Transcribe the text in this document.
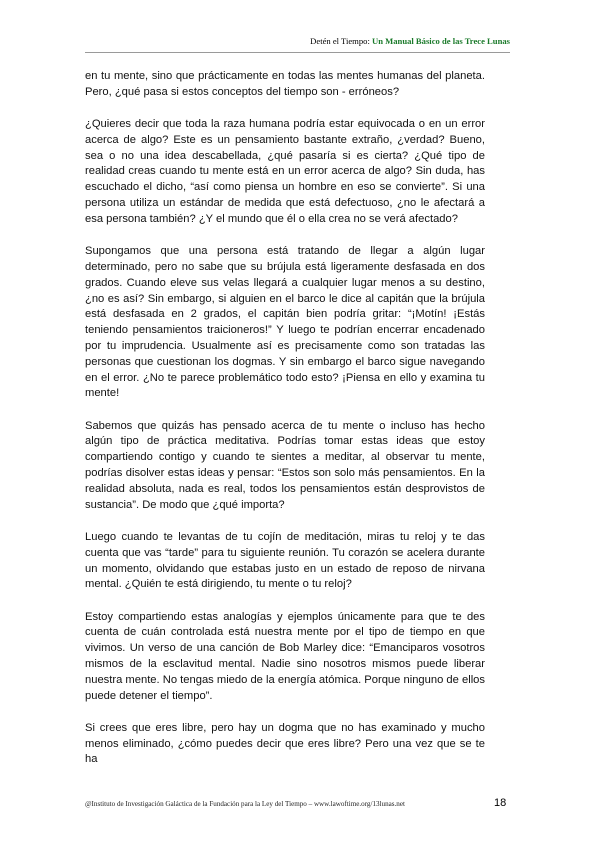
Detén el Tiempo: Un Manual Básico de las Trece Lunas

en tu mente, sino que prácticamente en todas las mentes humanas del planeta. Pero, ¿qué pasa si estos conceptos del tiempo son - erróneos?

¿Quieres decir que toda la raza humana podría estar equivocada o en un error acerca de algo? Este es un pensamiento bastante extraño, ¿verdad? Bueno, sea o no una idea descabellada, ¿qué pasaría si es cierta? ¿Qué tipo de realidad creas cuando tu mente está en un error acerca de algo? Sin duda, has escuchado el dicho, “así como piensa un hombre en eso se convierte”. Si una persona utiliza un estándar de medida que está defectuoso, ¿no le afectará a esa persona también? ¿Y el mundo que él o ella crea no se verá afectado?

Supongamos que una persona está tratando de llegar a algún lugar determinado, pero no sabe que su brújula está ligeramente desfasada en dos grados. Cuando eleve sus velas llegará a cualquier lugar menos a su destino, ¿no es así? Sin embargo, si alguien en el barco le dice al capitán que la brújula está desfasada en 2 grados, el capitán bien podría gritar: “¡Motín! ¡Estás teniendo pensamientos traicioneros!” Y luego te podrían encerrar encadenado por tu imprudencia. Usualmente así es precisamente como son tratadas las personas que cuestionan los dogmas. Y sin embargo el barco sigue navegando en el error. ¿No te parece problemático todo esto? ¡Piensa en ello y examina tu mente!

Sabemos que quizás has pensado acerca de tu mente o incluso has hecho algún tipo de práctica meditativa. Podrías tomar estas ideas que estoy compartiendo contigo y cuando te sientes a meditar, al observar tu mente, podrías disolver estas ideas y pensar: “Estos son solo más pensamientos. En la realidad absoluta, nada es real, todos los pensamientos están desprovistos de sustancia”. De modo que ¿qué importa?

Luego cuando te levantas de tu cojín de meditación, miras tu reloj y te das cuenta que vas “tarde” para tu siguiente reunión. Tu corazón se acelera durante un momento, olvidando que estabas justo en un estado de reposo de nirvana mental. ¿Quién te está dirigiendo, tu mente o tu reloj?

Estoy compartiendo estas analogías y ejemplos únicamente para que te des cuenta de cuán controlada está nuestra mente por el tipo de tiempo en que vivimos. Un verso de una canción de Bob Marley dice: “Emanciparos vosotros mismos de la esclavitud mental. Nadie sino nosotros mismos puede liberar nuestra mente. No tengas miedo de la energía atómica. Porque ninguno de ellos puede detener el tiempo”.

Si crees que eres libre, pero hay un dogma que no has examinado y mucho menos eliminado, ¿cómo puedes decir que eres libre? Pero una vez que se te ha

@Instituto de Investigación Galáctica de la Fundación para la Ley del Tiempo – www.lawoftime.org/13lunas.net	18
